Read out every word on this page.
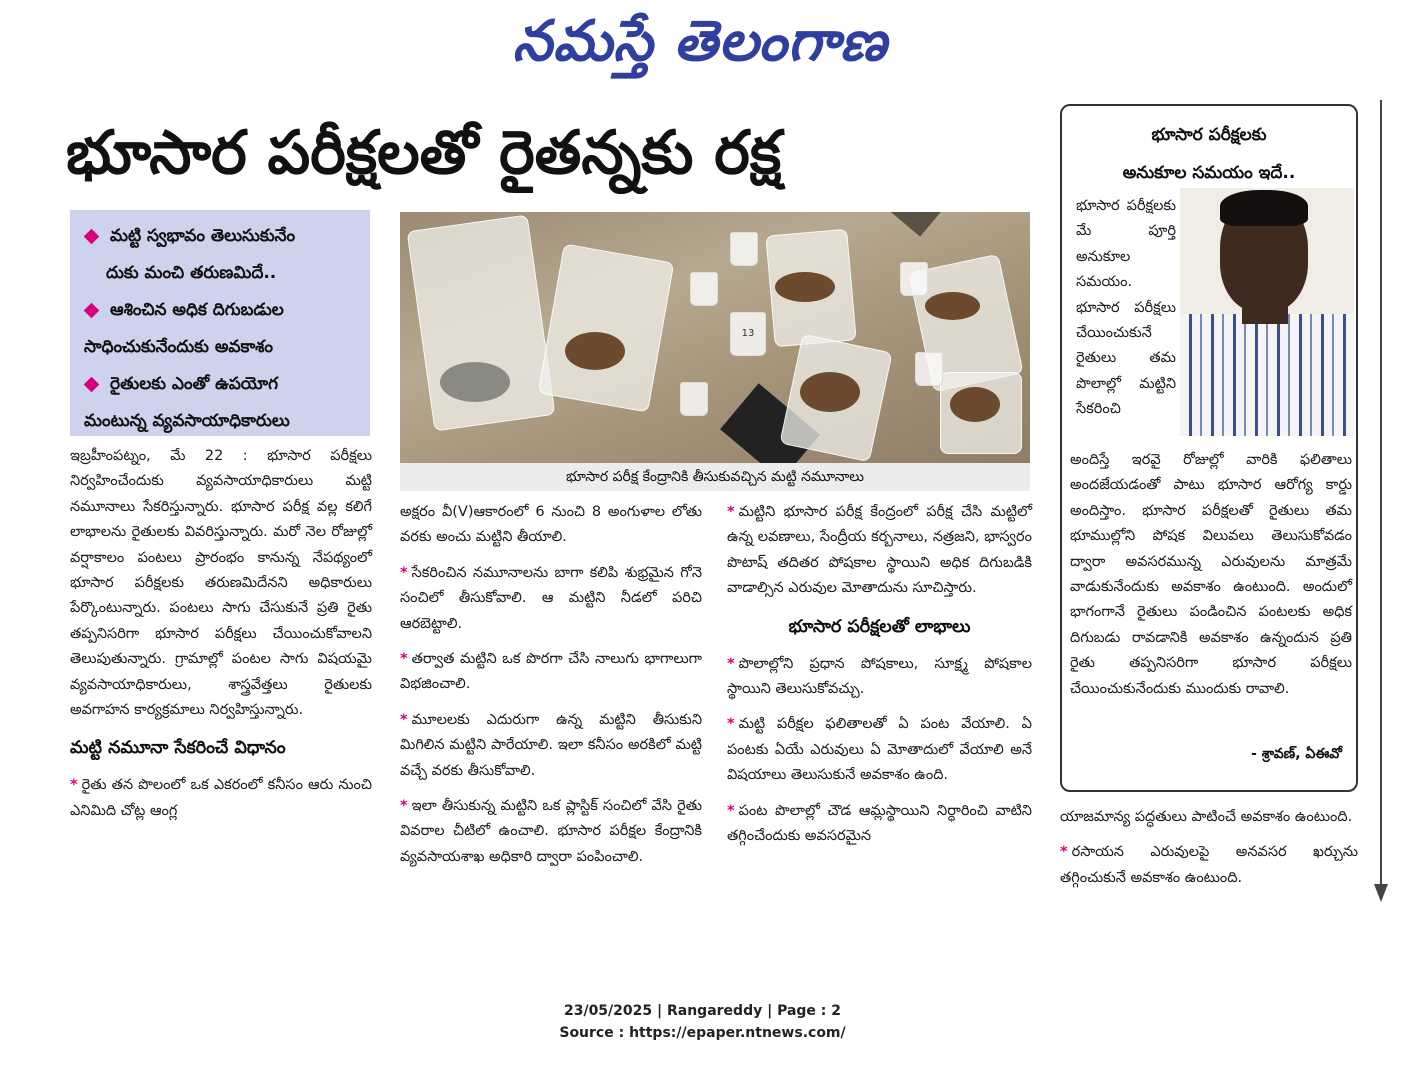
నమస్తే తెలంగాణ
భూసార పరీక్షలతో రైతన్నకు రక్ష
మట్టి స్వభావం తెలుసుకునేం
దుకు మంచి తరుణమిదే..
ఆశించిన అధిక దిగుబడుల
సాధించుకునేందుకు అవకాశం
రైతులకు ఎంతో ఉపయోగ
మంటున్న వ్యవసాయాధికారులు
13
భూసార పరీక్ష కేంద్రానికి తీసుకువచ్చిన మట్టి నమూనాలు

ఇబ్రహీంపట్నం, మే 22 : భూసార పరీక్షలు నిర్వహించేందుకు వ్యవసాయాధికారులు మట్టి నమూనాలు సేకరిస్తున్నారు. భూసార పరీక్ష వల్ల కలిగే లాభాలను రైతులకు వివరిస్తున్నారు. మరో నెల రోజుల్లో వర్షాకాలం పంటలు ప్రారంభం కానున్న నేపథ్యంలో భూసార పరీక్షలకు తరుణమిదేనని అధికారులు పేర్కొంటున్నారు. పంటలు సాగు చేసుకునే ప్రతి రైతు తప్పనిసరిగా భూసార పరీక్షలు చేయించుకోవాలని తెలుపుతున్నారు. గ్రామాల్లో పంటల సాగు విషయమై వ్యవసాయాధికారులు, శాస్త్రవేత్తలు రైతులకు అవగాహన కార్యక్రమాలు నిర్వహిస్తున్నారు.

మట్టి నమూనా సేకరించే విధానం

* రైతు తన పొలంలో ఒక ఎకరంలో కనీసం ఆరు నుంచి ఎనిమిది చోట్ల ఆంగ్ల

అక్షరం వీ(V)ఆకారంలో 6 నుంచి 8 అంగుళాల లోతు వరకు అంచు మట్టిని తీయాలి.

* సేకరించిన నమూనాలను బాగా కలిపి శుభ్రమైన గోనె సంచిలో తీసుకోవాలి. ఆ మట్టిని నీడలో పరిచి ఆరబెట్టాలి.

* తర్వాత మట్టిని ఒక పొరగా చేసి నాలుగు భాగాలుగా విభజించాలి.

* మూలలకు ఎదురుగా ఉన్న మట్టిని తీసుకుని మిగిలిన మట్టిని పారేయాలి. ఇలా కనీసం అరకిలో మట్టి వచ్చే వరకు తీసుకోవాలి.

* ఇలా తీసుకున్న మట్టిని ఒక ప్లాస్టిక్ సంచిలో వేసి రైతు వివరాల చీటిలో ఉంచాలి. భూసార పరీక్షల కేంద్రానికి వ్యవసాయశాఖ అధికారి ద్వారా పంపించాలి.

* మట్టిని భూసార పరీక్ష కేంద్రంలో పరీక్ష చేసి మట్టిలో ఉన్న లవణాలు, సేంద్రీయ కర్బనాలు, నత్రజని, భాస్వరం పొటాష్ తదితర పోషకాల స్థాయిని అధిక దిగుబడికి వాడాల్సిన ఎరువుల మోతాదును సూచిస్తారు.

భూసార పరీక్షలతో లాభాలు

* పొలాల్లోని ప్రధాన పోషకాలు, సూక్ష్మ పోషకాల స్థాయిని తెలుసుకోవచ్చు.

* మట్టి పరీక్షల ఫలితాలతో ఏ పంట వేయాలి. ఏ పంటకు ఏయే ఎరువులు ఏ మోతాదులో వేయాలి అనే విషయాలు తెలుసుకునే అవకాశం ఉంది.

* పంట పొలాల్లో చౌడ ఆమ్లస్థాయిని నిర్ధారించి వాటిని తగ్గించేందుకు అవసరమైన

భూసార పరీక్షలకు
అనుకూల సమయం ఇదే..
భూసార పరీక్షలకు మే పూర్తి అనుకూల సమయం. భూసార పరీక్షలు చేయించుకునే రైతులు తమ పొలాల్లో మట్టిని సేకరించి
అందిస్తే ఇరవై రోజుల్లో వారికి ఫలితాలు అందజేయడంతో పాటు భూసార ఆరోగ్య కార్డు అందిస్తాం. భూసార పరీక్షలతో రైతులు తమ భూముల్లోని పోషక విలువలు తెలుసుకోవడం ద్వారా అవసరమున్న ఎరువులను మాత్రమే వాడుకునేందుకు అవకాశం ఉంటుంది. అందులో భాగంగానే రైతులు పండించిన పంటలకు అధిక దిగుబడు రావడానికి అవకాశం ఉన్నందున ప్రతి రైతు తప్పనిసరిగా భూసార పరీక్షలు చేయించుకునేందుకు ముందుకు రావాలి.
- శ్రావణ్, ఏఈవో

యాజమాన్య పద్ధతులు పాటించే అవకాశం ఉంటుంది.

* రసాయన ఎరువులపై అనవసర ఖర్చును తగ్గించుకునే అవకాశం ఉంటుంది.

23/05/2025 | Rangareddy | Page : 2
Source : https://epaper.ntnews.com/
